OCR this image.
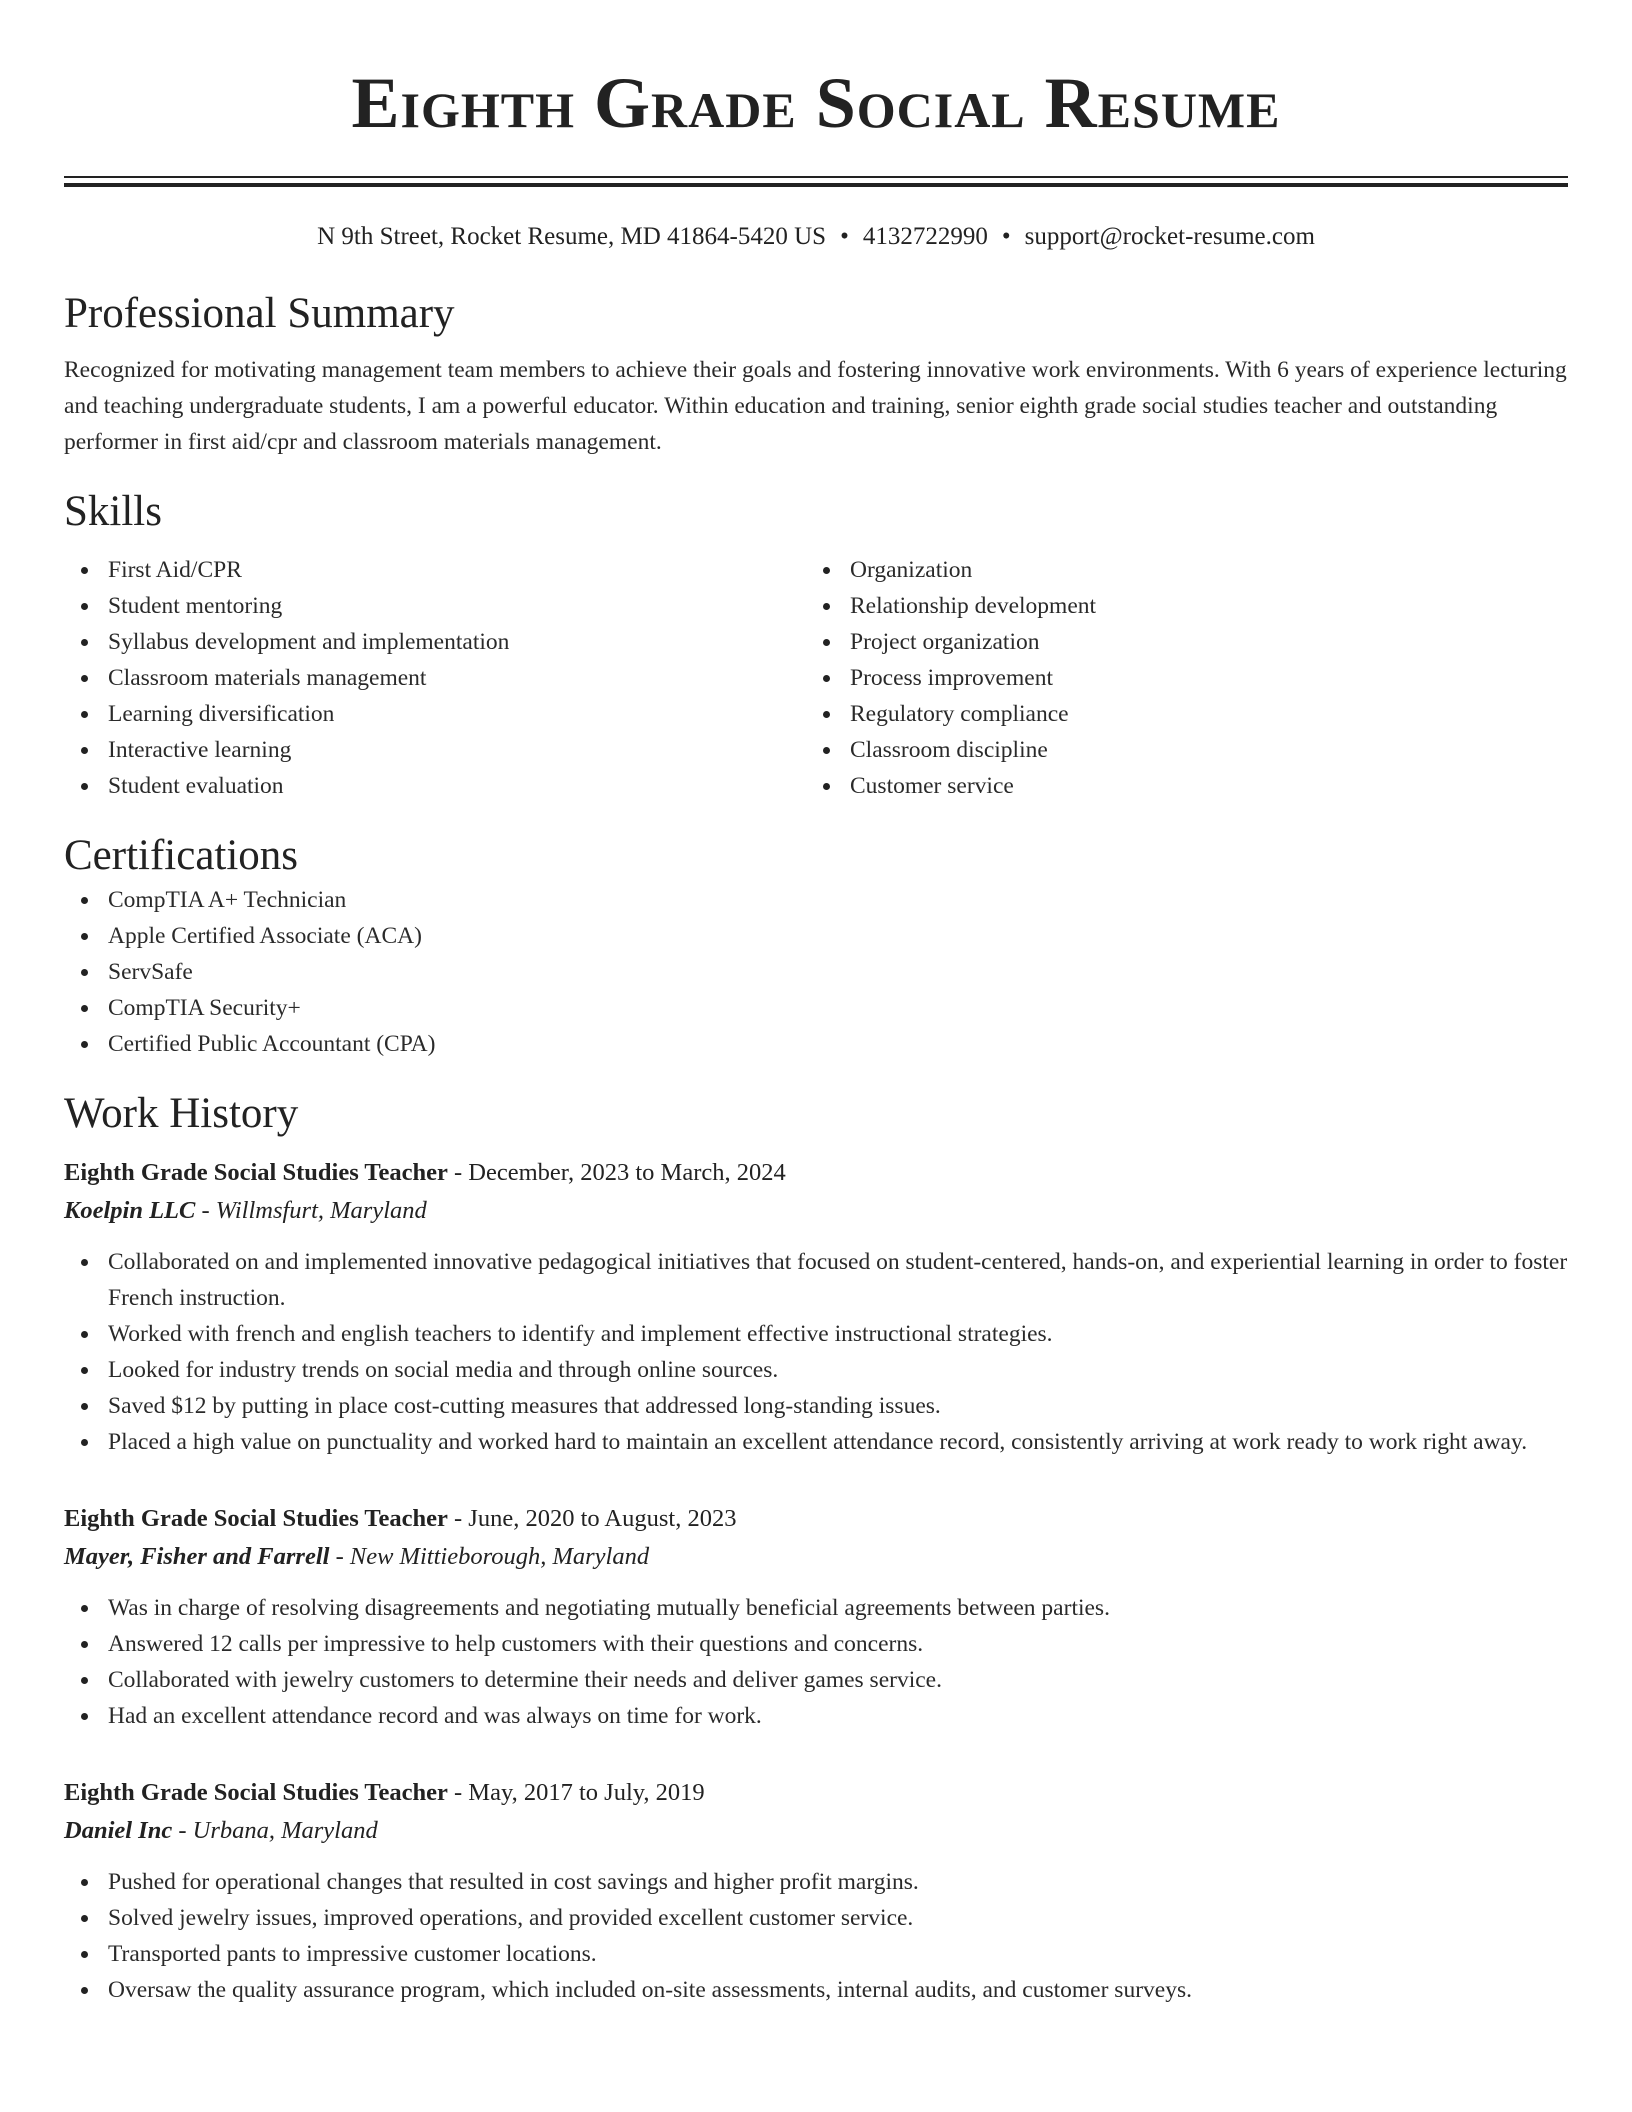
Eighth Grade Social Resume
N 9th Street, Rocket Resume, MD 41864-5420 US • 4132722990 • support@rocket-resume.com
Professional Summary

Recognized for motivating management team members to achieve their goals and fostering innovative work environments. With 6 years of experience lecturing and teaching undergraduate students, I am a powerful educator. Within education and training, senior eighth grade social studies teacher and outstanding performer in first aid/cpr and classroom materials management.

Skills
First Aid/CPR
Student mentoring
Syllabus development and implementation
Classroom materials management
Learning diversification
Interactive learning
Student evaluation
Organization
Relationship development
Project organization
Process improvement
Regulatory compliance
Classroom discipline
Customer service
Certifications
CompTIA A+ Technician
Apple Certified Associate (ACA)
ServSafe
CompTIA Security+
Certified Public Accountant (CPA)
Work History
Eighth Grade Social Studies Teacher - December, 2023 to March, 2024
Koelpin LLC - Willmsfurt, Maryland
Collaborated on and implemented innovative pedagogical initiatives that focused on student-centered, hands-on, and experiential learning in order to foster French instruction.
Worked with french and english teachers to identify and implement effective instructional strategies.
Looked for industry trends on social media and through online sources.
Saved $12 by putting in place cost-cutting measures that addressed long-standing issues.
Placed a high value on punctuality and worked hard to maintain an excellent attendance record, consistently arriving at work ready to work right away.
Eighth Grade Social Studies Teacher - June, 2020 to August, 2023
Mayer, Fisher and Farrell - New Mittieborough, Maryland
Was in charge of resolving disagreements and negotiating mutually beneficial agreements between parties.
Answered 12 calls per impressive to help customers with their questions and concerns.
Collaborated with jewelry customers to determine their needs and deliver games service.
Had an excellent attendance record and was always on time for work.
Eighth Grade Social Studies Teacher - May, 2017 to July, 2019
Daniel Inc - Urbana, Maryland
Pushed for operational changes that resulted in cost savings and higher profit margins.
Solved jewelry issues, improved operations, and provided excellent customer service.
Transported pants to impressive customer locations.
Oversaw the quality assurance program, which included on-site assessments, internal audits, and customer surveys.
